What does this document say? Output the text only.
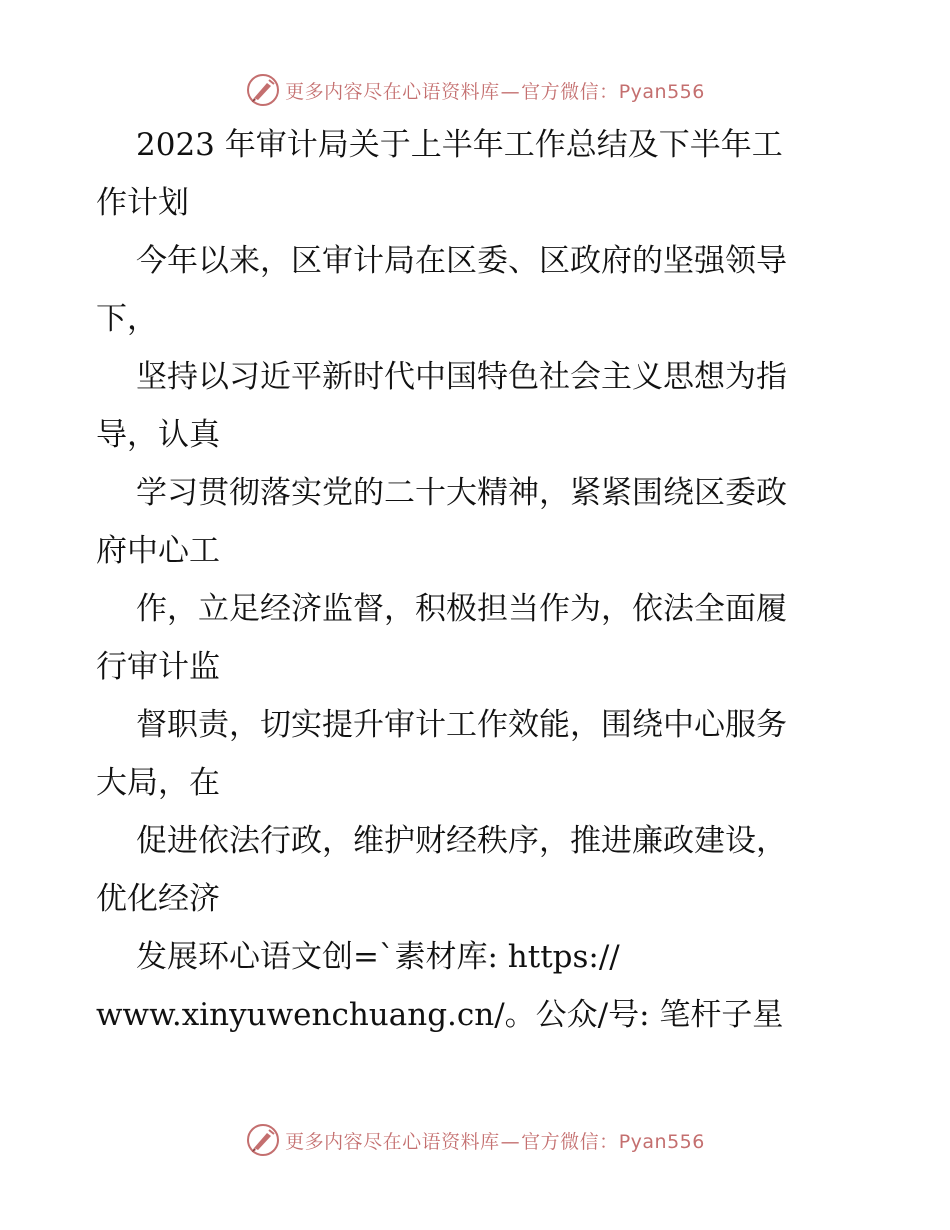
更多内容尽在心语资料库—官方微信：Pyan556

2023 年审计局关于上半年工作总结及下半年工

作计划

今年以来，区审计局在区委、区政府的坚强领导

下，

坚持以习近平新时代中国特色社会主义思想为指

导，认真

学习贯彻落实党的二十大精神，紧紧围绕区委政

府中心工

作，立足经济监督，积极担当作为，依法全面履

行审计监

督职责，切实提升审计工作效能，围绕中心服务

大局，在

促进依法行政，维护财经秩序，推进廉政建设，

优化经济

发展环心语文创=`素材库: https://

www.xinyuwenchuang.cn/。公众/号: 笔杆子星

更多内容尽在心语资料库—官方微信：Pyan556
